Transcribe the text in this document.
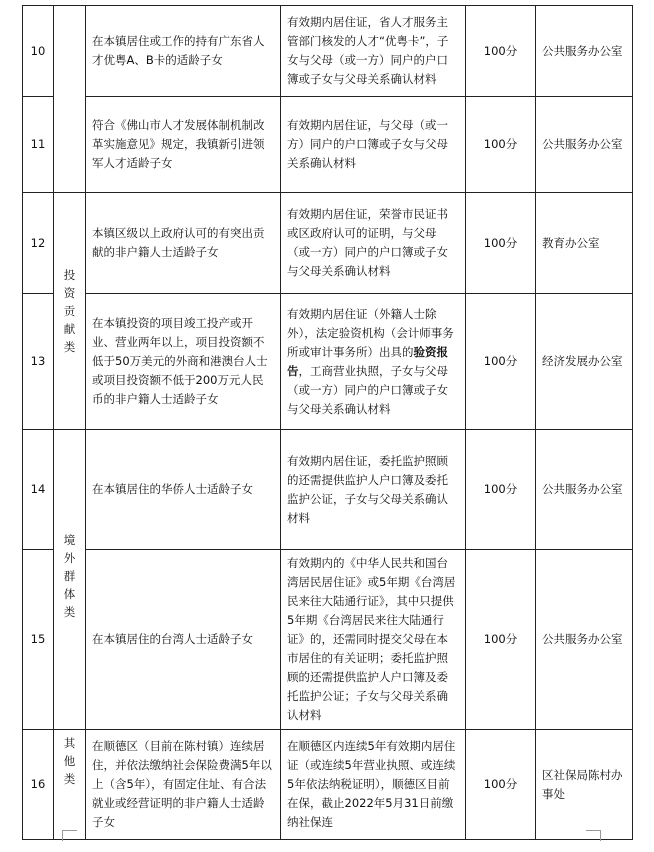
10		在本镇居住或工作的持有广东省人才优粤A、B卡的适龄子女	有效期内居住证，省人才服务主管部门核发的人才“优粤卡”，子女与父母（或一方）同户的户口簿或子女与父母关系确认材料	100分	公共服务办公室
11		符合《佛山市人才发展体制机制改革实施意见》规定，我镇新引进领军人才适龄子女	有效期内居住证，与父母（或一方）同户的户口簿或子女与父母关系确认材料	100分	公共服务办公室
12	投资贡献类	本镇区级以上政府认可的有突出贡献的非户籍人士适龄子女	有效期内居住证，荣誉市民证书或区政府认可的证明，与父母（或一方）同户的户口簿或子女与父母关系确认材料	100分	教育办公室
13		在本镇投资的项目竣工投产或开业、营业两年以上，项目投资额不低于50万美元的外商和港澳台人士或项目投资额不低于200万元人民币的非户籍人士适龄子女	有效期内居住证（外籍人士除外），法定验资机构（会计师事务所或审计事务所）出具的验资报告，工商营业执照，子女与父母（或一方）同户的户口簿或子女与父母关系确认材料	100分	经济发展办公室
14	境外群体类	在本镇居住的华侨人士适龄子女	有效期内居住证，委托监护照顾的还需提供监护人户口簿及委托监护公证，子女与父母关系确认材料	100分	公共服务办公室
15		在本镇居住的台湾人士适龄子女	有效期内的《中华人民共和国台湾居民居住证》或5年期《台湾居民来往大陆通行证》，其中只提供5年期《台湾居民来往大陆通行证》的，还需同时提交父母在本市居住的有关证明；委托监护照顾的还需提供监护人户口簿及委托监护公证；子女与父母关系确认材料	100分	公共服务办公室
16	其他类	在顺德区（目前在陈村镇）连续居住，并依法缴纳社会保险费满5年以上（含5年），有固定住址、有合法就业或经营证明的非户籍人士适龄子女	在顺德区内连续5年有效期内居住证（或连续5年营业执照、或连续5年依法纳税证明），顺德区目前在保，截止2022年5月31日前缴纳社保连	100分	区社保局陈村办事处
